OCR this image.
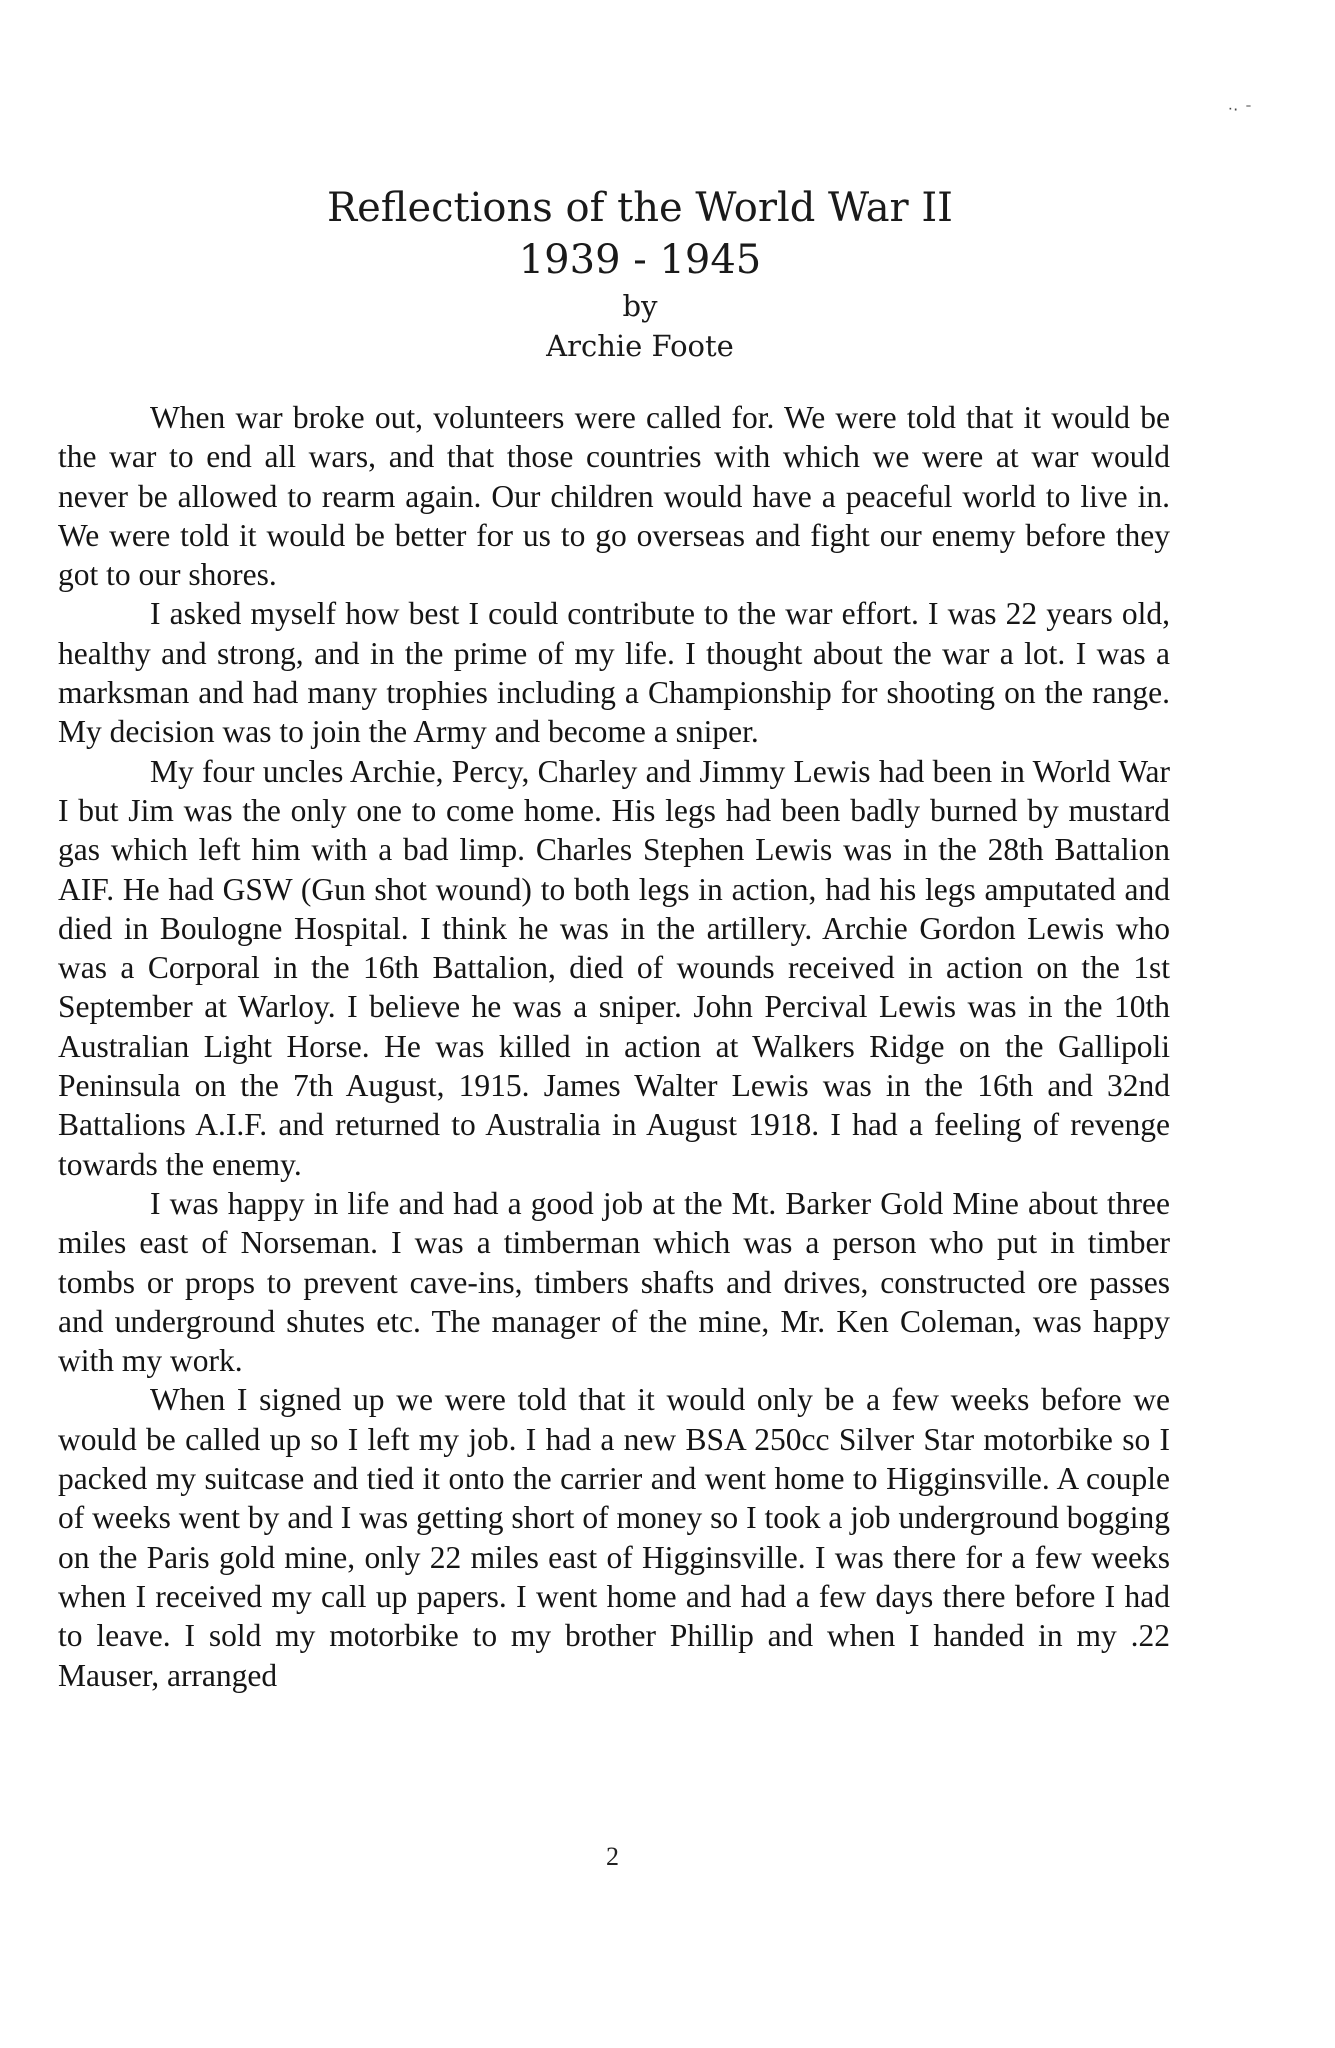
ᐧ· ᐨ
Reflections of the World War II
1939 - 1945
by
Archie Foote

When war broke out, volunteers were called for. We were told that it would be the war to end all wars, and that those countries with which we were at war would never be allowed to rearm again. Our children would have a peaceful world to live in. We were told it would be better for us to go overseas and fight our enemy before they got to our shores.

I asked myself how best I could contribute to the war effort. I was 22 years old, healthy and strong, and in the prime of my life. I thought about the war a lot. I was a marksman and had many trophies including a Championship for shooting on the range. My decision was to join the Army and become a sniper.

My four uncles Archie, Percy, Charley and Jimmy Lewis had been in World War I but Jim was the only one to come home. His legs had been badly burned by mustard gas which left him with a bad limp. Charles Stephen Lewis was in the 28th Battalion AIF. He had GSW (Gun shot wound) to both legs in action, had his legs amputated and died in Boulogne Hospital. I think he was in the artillery. Archie Gordon Lewis who was a Corporal in the 16th Battalion, died of wounds received in action on the 1st September at Warloy. I believe he was a sniper. John Percival Lewis was in the 10th Australian Light Horse. He was killed in action at Walkers Ridge on the Gallipoli Peninsula on the 7th August, 1915. James Walter Lewis was in the 16th and 32nd Battalions A.I.F. and returned to Australia in August 1918. I had a feeling of revenge towards the enemy.

I was happy in life and had a good job at the Mt. Barker Gold Mine about three miles east of Norseman. I was a timberman which was a person who put in timber tombs or props to prevent cave-ins, timbers shafts and drives, constructed ore passes and underground shutes etc. The manager of the mine, Mr. Ken Coleman, was happy with my work.

When I signed up we were told that it would only be a few weeks before we would be called up so I left my job. I had a new BSA 250cc Silver Star motorbike so I packed my suitcase and tied it onto the carrier and went home to Higginsville. A couple of weeks went by and I was getting short of money so I took a job underground bogging on the Paris gold mine, only 22 miles east of Higginsville. I was there for a few weeks when I received my call up papers. I went home and had a few days there before I had to leave. I sold my motorbike to my brother Phillip and when I handed in my .22 Mauser, arranged

2
